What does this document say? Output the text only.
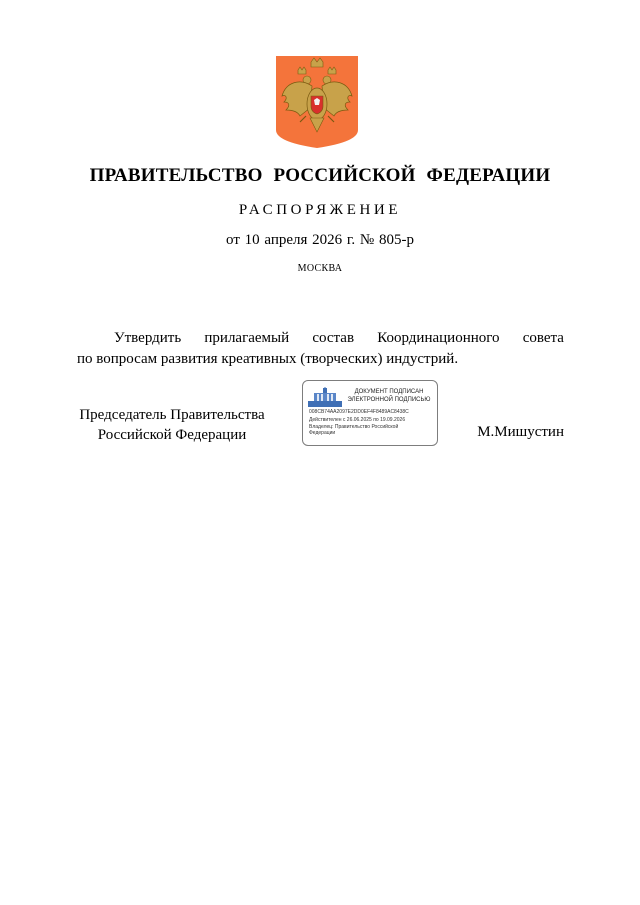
ПРАВИТЕЛЬСТВО РОССИЙСКОЙ ФЕДЕРАЦИИ
РАСПОРЯЖЕНИЕ
от 10 апреля 2026 г. № 805-р
МОСКВА
Утвердить прилагаемый состав Координационного совета
по вопросам развития креативных (творческих) индустрий.
Председатель Правительства
Российской Федерации
ДОКУМЕНТ ПОДПИСАН
ЭЛЕКТРОННОЙ ПОДПИСЬЮ
008CB74AA2097E2DD0EF4F8489AC8438C
Действителен с 26.06.2025 по 19.09.2026
Владелец: Правительство Российской
Федерации	М.Мишустин
